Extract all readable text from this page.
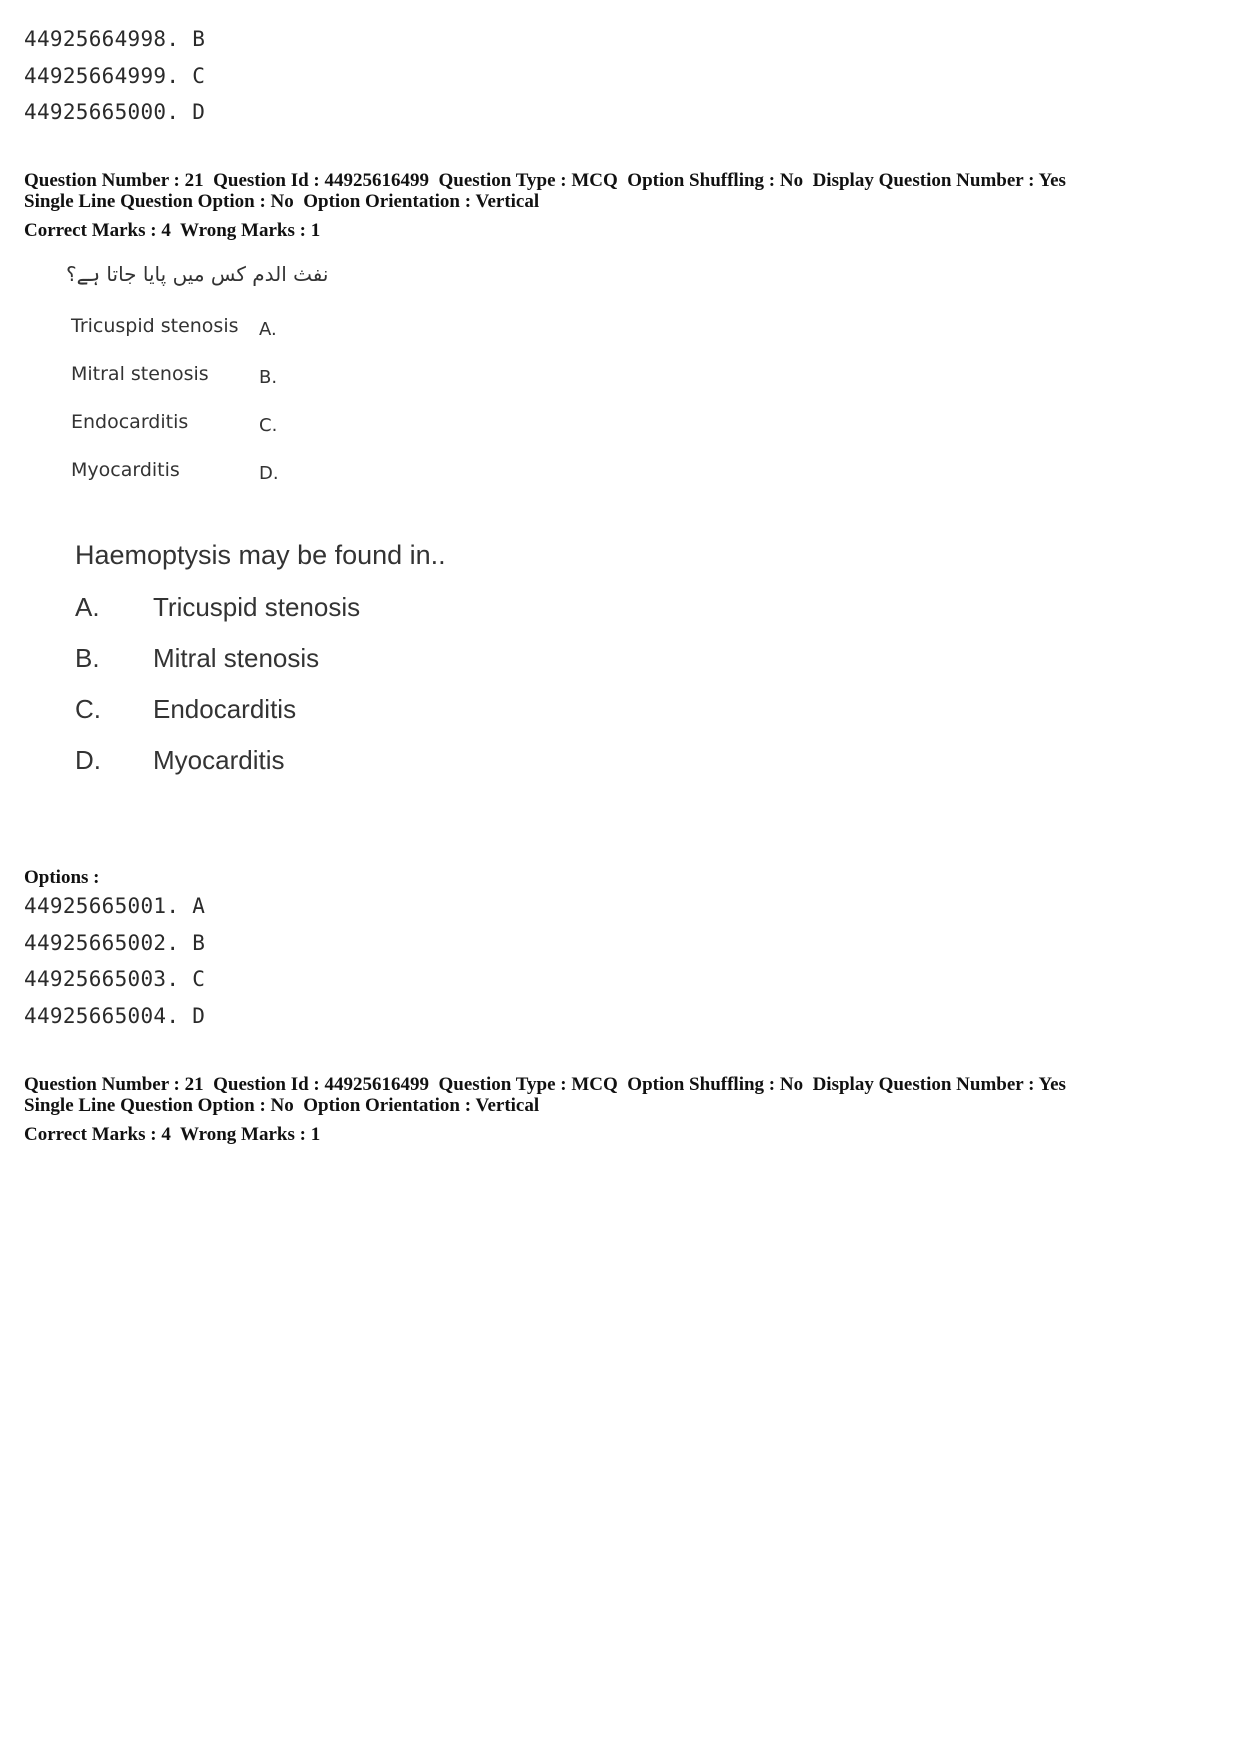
44925664998. B
44925664999. C
44925665000. D
Question Number : 21  Question Id : 44925616499  Question Type : MCQ  Option Shuffling : No  Display Question Number : Yes
Single Line Question Option : No  Option Orientation : Vertical
Correct Marks : 4  Wrong Marks : 1
نفث الدم کس میں پایا جاتا ہے؟
Tricuspid stenosis A.
Mitral stenosis	B.
Endocarditis	C.
Myocarditis	D.
Haemoptysis may be found in..
A. Tricuspid stenosis
B. Mitral stenosis
C. Endocarditis
D. Myocarditis
Options :
44925665001. A
44925665002. B
44925665003. C
44925665004. D
Question Number : 21  Question Id : 44925616499  Question Type : MCQ  Option Shuffling : No  Display Question Number : Yes
Single Line Question Option : No  Option Orientation : Vertical
Correct Marks : 4  Wrong Marks : 1
